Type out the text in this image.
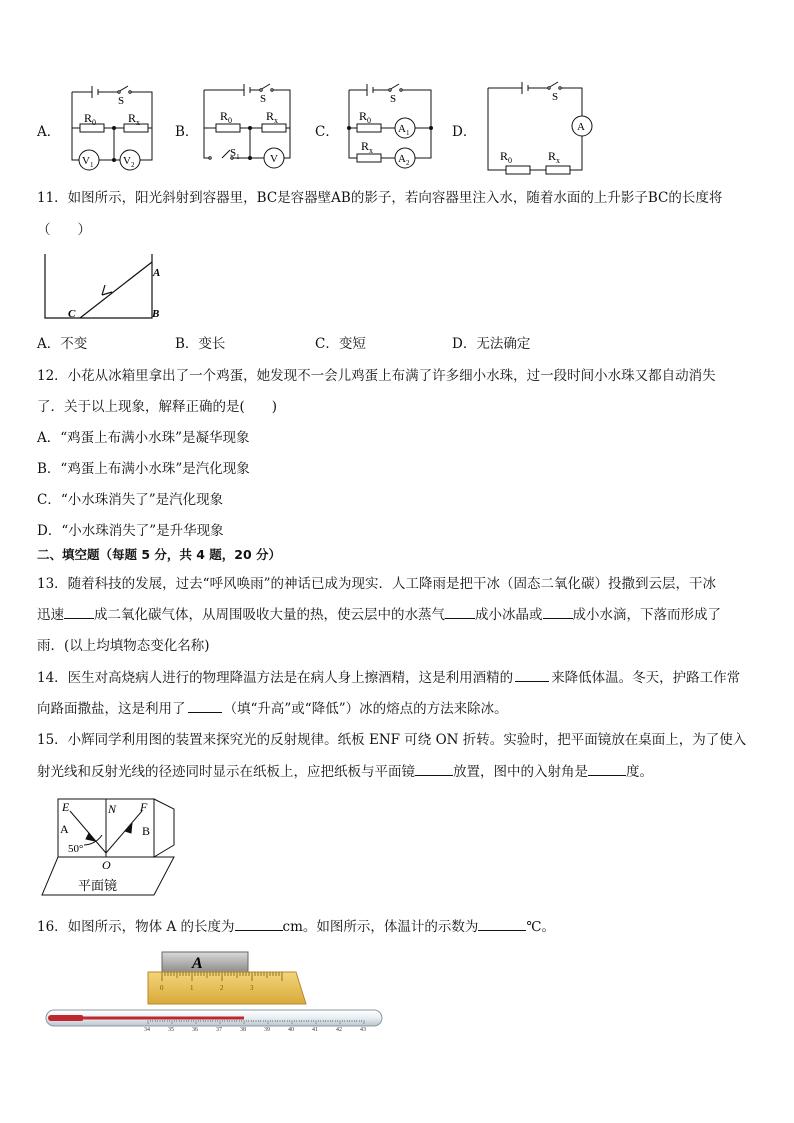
A．	B．	C．	D．
S
$R_0$	$R_x$
$V_1$	$V_2$
S
$R_0$	$R_x$
$S_1$	V
S
$R_0$
$R_x$
$A_1$
$A_2$
S
A
$R_0$	$R_x$
11．如图所示，阳光斜射到容器里，BC是容器壁AB的影子，若向容器里注入水，随着水面的上升影子BC的长度将
（　　）
A
B
C
A．不变	B．变长	C．变短	D．无法确定
12．小花从冰箱里拿出了一个鸡蛋，她发现不一会儿鸡蛋上布满了许多细小水珠，过一段时间小水珠又都自动消失
了．关于以上现象，解释正确的是(　　)
A．“鸡蛋上布满小水珠”是凝华现象
B．“鸡蛋上布满小水珠”是汽化现象
C．“小水珠消失了”是汽化现象
D．“小水珠消失了”是升华现象
二、填空题（每题 5 分，共 4 题，20 分）
13．随着科技的发展，过去“呼风唤雨”的神话已成为现实．人工降雨是把干冰（固态二氧化碳）投撒到云层，干冰
迅速 成二氧化碳气体，从周围吸收大量的热，使云层中的水蒸气 成小冰晶或 成小水滴，下落而形成了
雨．(以上均填物态变化名称)
14．医生对高烧病人进行的物理降温方法是在病人身上擦酒精，这是利用酒精的	来降低体温。冬天，护路工作常
向路面撒盐，这是利用了	（填“升高”或“降低”）冰的熔点的方法来除冰。
15．小辉同学利用图的装置来探究光的反射规律。纸板 ENF 可绕 ON 折转。实验时，把平面镜放在桌面上，为了使入
射光线和反射光线的径迹同时显示在纸板上，应把纸板与平面镜	放置，图中的入射角是	度。
E	N F
A	B
50°
O
平面镜
16．如图所示，物体 A 的长度为	cm。如图所示，体温计的示数为	℃。
A
0	1	2	3
34	35	36	37	38	39	40	41	42	43
